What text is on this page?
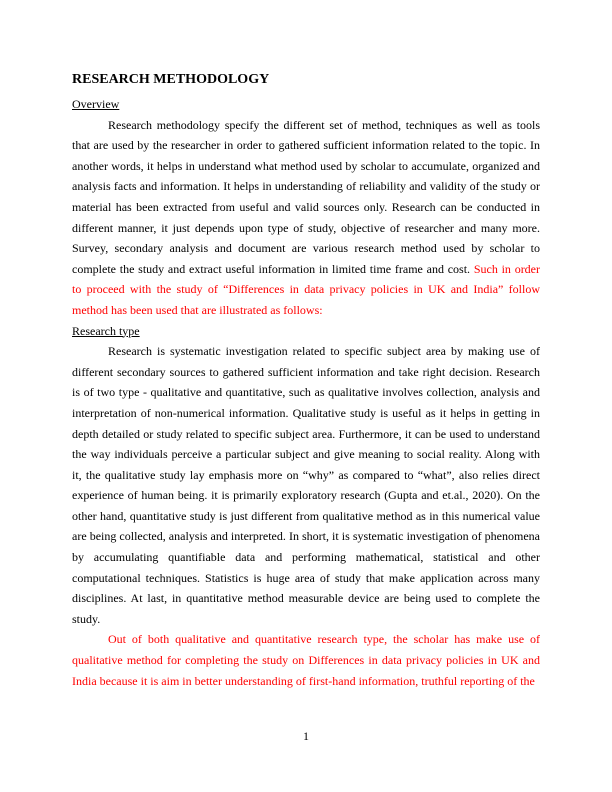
RESEARCH METHODOLOGY

Overview

Research methodology specify the different set of method, techniques as well as tools that are used by the researcher in order to gathered sufficient information related to the topic. In another words, it helps in understand what method used by scholar to accumulate, organized and analysis facts and information. It helps in understanding of reliability and validity of the study or material has been extracted from useful and valid sources only. Research can be conducted in different manner, it just depends upon type of study, objective of researcher and many more. Survey, secondary analysis and document are various research method used by scholar to complete the study and extract useful information in limited time frame and cost. Such in order to proceed with the study of “Differences in data privacy policies in UK and India” follow method has been used that are illustrated as follows:

Research type

Research is systematic investigation related to specific subject area by making use of different secondary sources to gathered sufficient information and take right decision. Research is of two type - qualitative and quantitative, such as qualitative involves collection, analysis and interpretation of non-numerical information. Qualitative study is useful as it helps in getting in depth detailed or study related to specific subject area. Furthermore, it can be used to understand the way individuals perceive a particular subject and give meaning to social reality. Along with it, the qualitative study lay emphasis more on “why” as compared to “what”, also relies direct experience of human being. it is primarily exploratory research (Gupta and et.al., 2020). On the other hand, quantitative study is just different from qualitative method as in this numerical value are being collected, analysis and interpreted. In short, it is systematic investigation of phenomena by accumulating quantifiable data and performing mathematical, statistical and other computational techniques. Statistics is huge area of study that make application across many disciplines. At last, in quantitative method measurable device are being used to complete the study.

Out of both qualitative and quantitative research type, the scholar has make use of qualitative method for completing the study on Differences in data privacy policies in UK and India because it is aim in better understanding of first-hand information, truthful reporting of the

1
